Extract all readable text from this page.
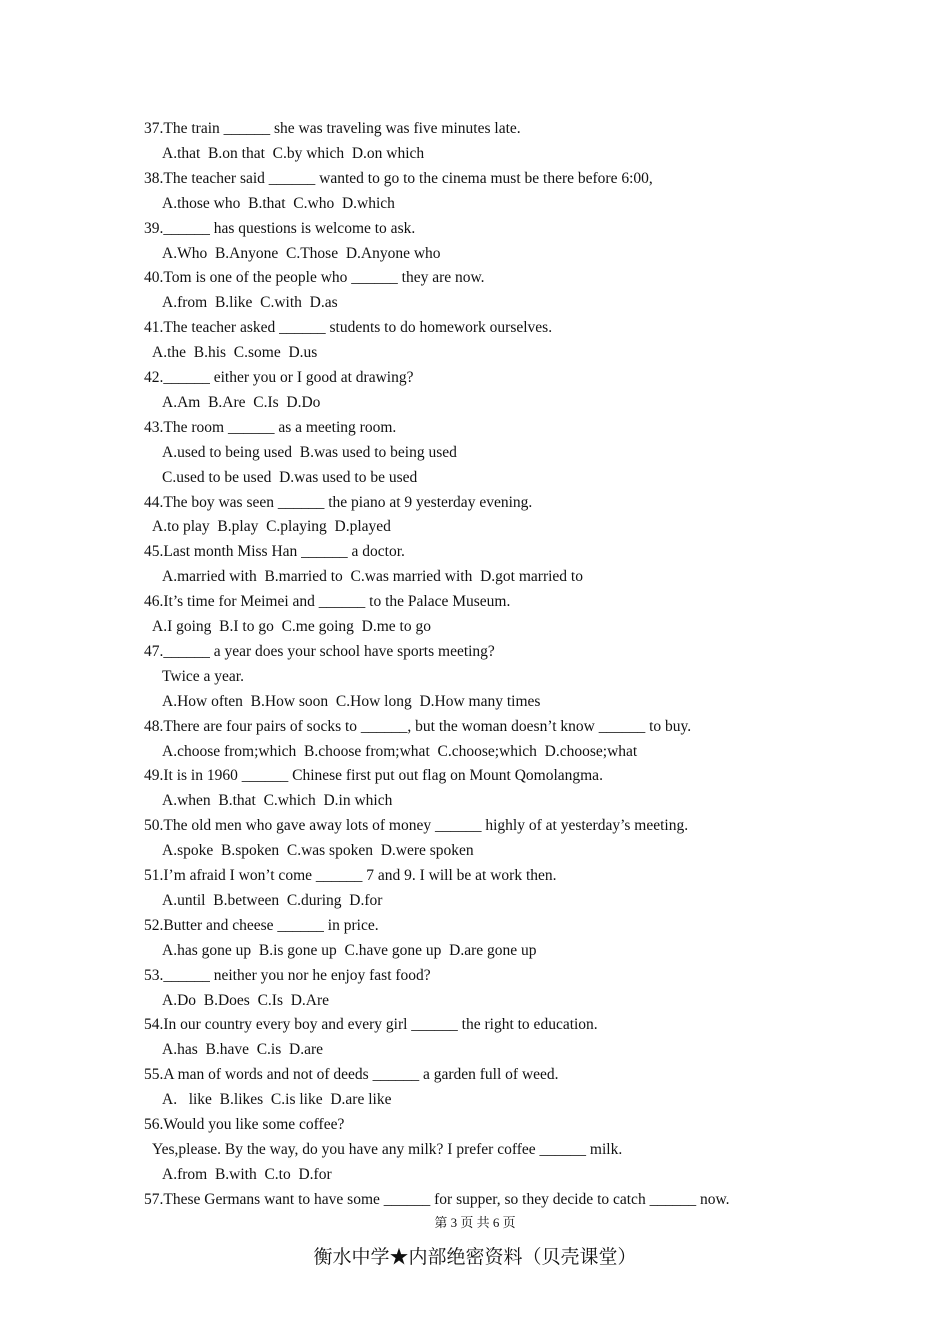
37.The train ______ she was traveling was five minutes late.
A.that  B.on that  C.by which  D.on which
38.The teacher said ______ wanted to go to the cinema must be there before 6:00,
A.those who  B.that  C.who  D.which
39.______ has questions is welcome to ask.
A.Who  B.Anyone  C.Those  D.Anyone who
40.Tom is one of the people who ______ they are now.
A.from  B.like  C.with  D.as
41.The teacher asked ______ students to do homework ourselves.
A.the  B.his  C.some  D.us
42.______ either you or I good at drawing?
A.Am  B.Are  C.Is  D.Do
43.The room ______ as a meeting room.
A.used to being used  B.was used to being used
C.used to be used  D.was used to be used
44.The boy was seen ______ the piano at 9 yesterday evening.
A.to play  B.play  C.playing  D.played
45.Last month Miss Han ______ a doctor.
A.married with  B.married to  C.was married with  D.got married to
46.It’s time for Meimei and ______ to the Palace Museum.
A.I going  B.I to go  C.me going  D.me to go
47.______ a year does your school have sports meeting?
Twice a year.
A.How often  B.How soon  C.How long  D.How many times
48.There are four pairs of socks to ______, but the woman doesn’t know ______ to buy.
A.choose from;which  B.choose from;what  C.choose;which  D.choose;what
49.It is in 1960 ______ Chinese first put out flag on Mount Qomolangma.
A.when  B.that  C.which  D.in which
50.The old men who gave away lots of money ______ highly of at yesterday’s meeting.
A.spoke  B.spoken  C.was spoken  D.were spoken
51.I’m afraid I won’t come ______ 7 and 9. I will be at work then.
A.until  B.between  C.during  D.for
52.Butter and cheese ______ in price.
A.has gone up  B.is gone up  C.have gone up  D.are gone up
53.______ neither you nor he enjoy fast food?
A.Do  B.Does  C.Is  D.Are
54.In our country every boy and every girl ______ the right to education.
A.has  B.have  C.is  D.are
55.A man of words and not of deeds ______ a garden full of weed.
A.   like  B.likes  C.is like  D.are like
56.Would you like some coffee?
Yes,please. By the way, do you have any milk? I prefer coffee ______ milk.
A.from  B.with  C.to  D.for
57.These Germans want to have some ______ for supper, so they decide to catch ______ now.
第 3 页 共 6 页
衡水中学★内部绝密资料（贝壳课堂）
